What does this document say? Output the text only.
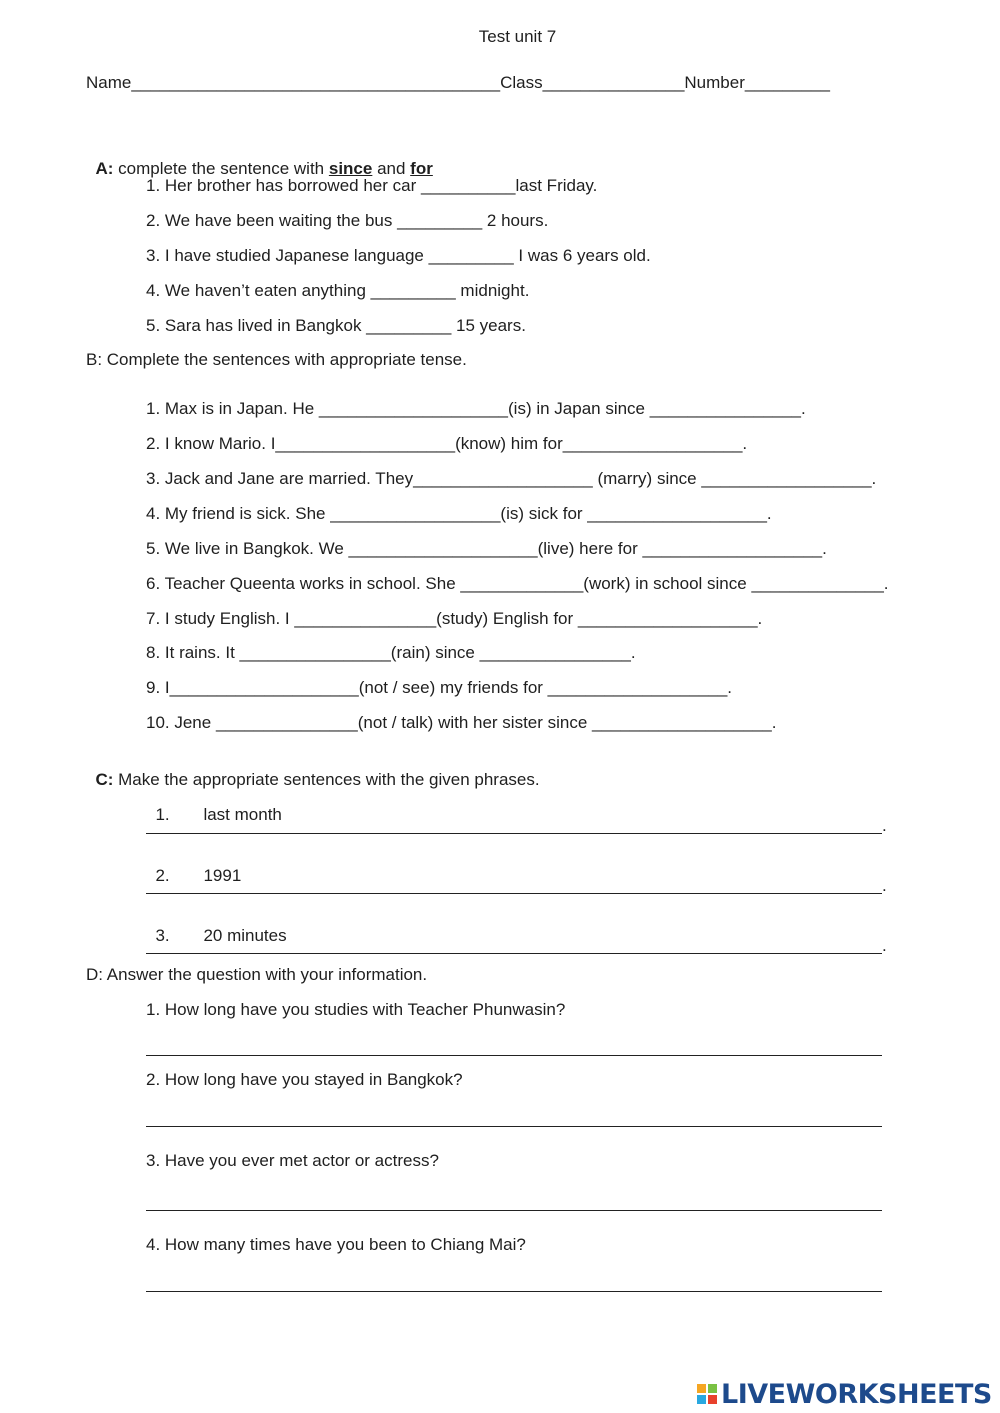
Test unit 7
Name_______________________________________Class_______________Number_________

A: complete the sentence with since and for

1. Her brother has borrowed her car __________last Friday.
2. We have been waiting the bus _________ 2 hours.
3. I have studied Japanese language _________ I was 6 years old.
4. We haven’t eaten anything _________ midnight.
5. Sara has lived in Bangkok _________ 15 years.
B: Complete the sentences with appropriate tense.
1. Max is in Japan. He ____________________(is) in Japan since ________________.
2. I know Mario. I___________________(know) him for___________________.
3. Jack and Jane are married. They___________________ (marry) since __________________.
4. My friend is sick. She __________________(is) sick for ___________________.
5. We live in Bangkok. We ____________________(live) here for ___________________.
6. Teacher Queenta works in school. She _____________(work) in school since ______________.
7. I study English. I _______________(study) English for ___________________.
8. It rains. It ________________(rain) since ________________.
9. I____________________(not / see) my friends for ___________________.
10. Jene _______________(not / talk) with her sister since ___________________.

C: Make the appropriate sentences with the given phrases.

1. last month

.

2. 1991

.

3. 20 minutes

.
D: Answer the question with your information.
1. How long have you studies with Teacher Phunwasin?
2. How long have you stayed in Bangkok?
3. Have you ever met actor or actress?
4. How many times have you been to Chiang Mai?
LIVEWORKSHEETS
